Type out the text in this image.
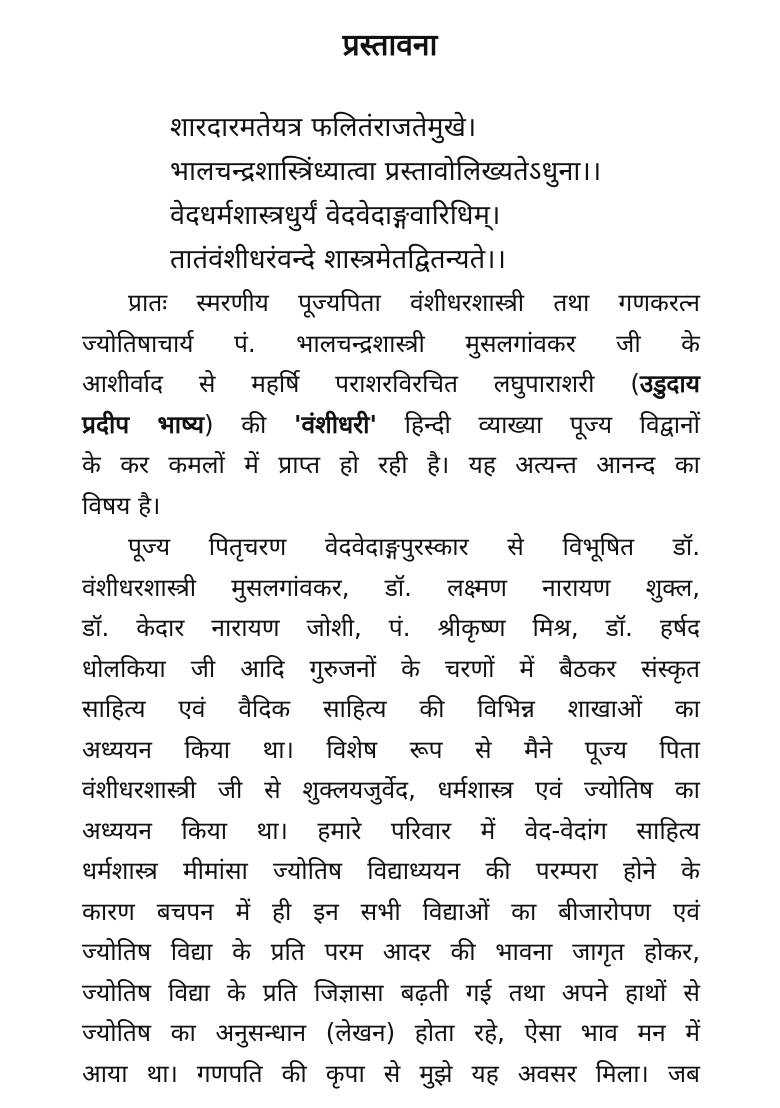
प्रस्तावना
शारदारमतेयत्र फलितंराजतेमुखे।
भालचन्द्रशास्त्रिंध्यात्वा प्रस्तावोलिख्यतेऽधुना।।
वेदधर्मशास्त्रधुर्यं वेदवेदाङ्गवारिधिम्।
तातंवंशीधरंवन्दे शास्त्रमेतद्वितन्यते।।
प्रातः स्मरणीय पूज्यपिता वंशीधरशास्त्री तथा गणकरत्न
ज्योतिषाचार्य पं. भालचन्द्रशास्त्री मुसलगांवकर जी के
आशीर्वाद से महर्षि पराशरविरचित लघुपाराशरी (उडुदाय
प्रदीप भाष्य) की 'वंशीधरी' हिन्दी व्याख्या पूज्य विद्वानों
के कर कमलों में प्राप्त हो रही है। यह अत्यन्त आनन्द का
विषय है।
पूज्य पितृचरण वेदवेदाङ्गपुरस्कार से विभूषित डॉ.
वंशीधरशास्त्री मुसलगांवकर, डॉ. लक्ष्मण नारायण शुक्ल,
डॉ. केदार नारायण जोशी, पं. श्रीकृष्ण मिश्र, डॉ. हर्षद
धोलकिया जी आदि गुरुजनों के चरणों में बैठकर संस्कृत
साहित्य एवं वैदिक साहित्य की विभिन्न शाखाओं का
अध्ययन किया था। विशेष रूप से मैने पूज्य पिता
वंशीधरशास्त्री जी से शुक्लयजुर्वेद, धर्मशास्त्र एवं ज्योतिष का
अध्ययन किया था। हमारे परिवार में वेद-वेदांग साहित्य
धर्मशास्त्र मीमांसा ज्योतिष विद्याध्ययन की परम्परा होने के
कारण बचपन में ही इन सभी विद्याओं का बीजारोपण एवं
ज्योतिष विद्या के प्रति परम आदर की भावना जागृत होकर,
ज्योतिष विद्या के प्रति जिज्ञासा बढ़ती गई तथा अपने हाथों से
ज्योतिष का अनुसन्धान (लेखन) होता रहे, ऐसा भाव मन में
आया था। गणपति की कृपा से मुझे यह अवसर मिला। जब
